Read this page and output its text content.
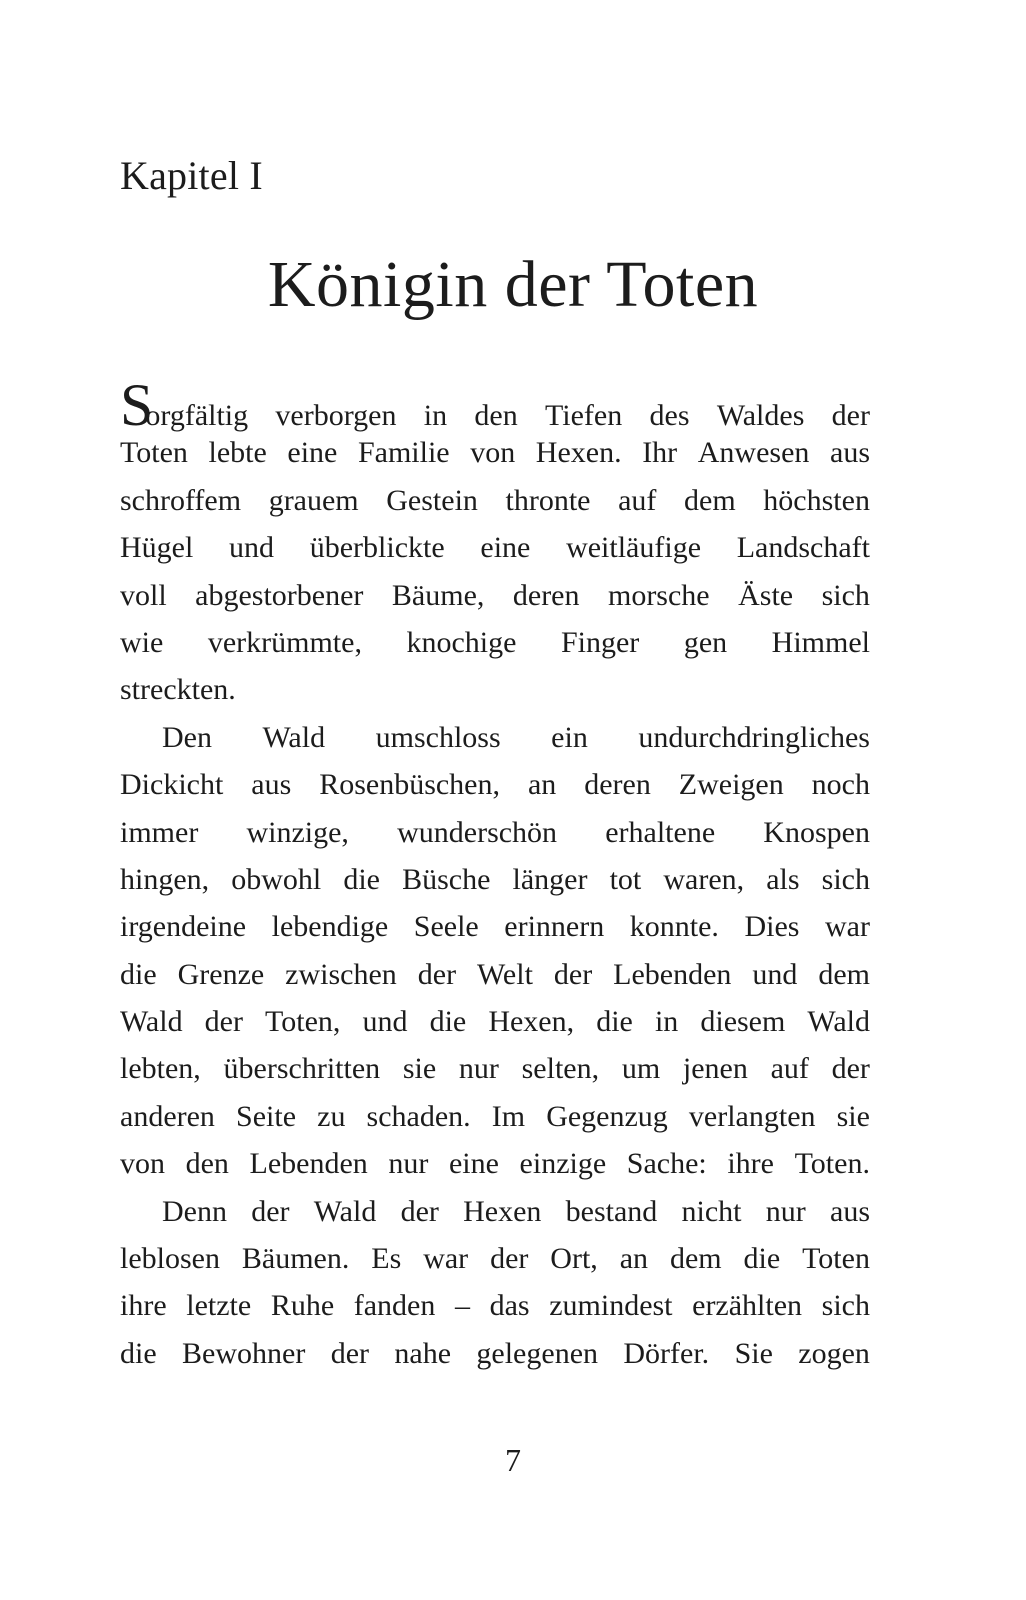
Kapitel I
Königin der Toten
S
orgfältig verborgen in den Tiefen des Waldes der
Toten lebte eine Familie von Hexen. Ihr Anwesen aus
schroffem grauem Gestein thronte auf dem höchsten
Hügel und überblickte eine weitläufige Landschaft
voll abgestorbener Bäume, deren morsche Äste sich
wie verkrümmte, knochige Finger gen Himmel
streckten.
Den Wald umschloss ein undurchdringliches
Dickicht aus Rosenbüschen, an deren Zweigen noch
immer winzige, wunderschön erhaltene Knospen
hingen, obwohl die Büsche länger tot waren, als sich
irgendeine lebendige Seele erinnern konnte. Dies war
die Grenze zwischen der Welt der Lebenden und dem
Wald der Toten, und die Hexen, die in diesem Wald
lebten, überschritten sie nur selten, um jenen auf der
anderen Seite zu schaden. Im Gegenzug verlangten sie
von den Lebenden nur eine einzige Sache: ihre Toten.
Denn der Wald der Hexen bestand nicht nur aus
leblosen Bäumen. Es war der Ort, an dem die Toten
ihre letzte Ruhe fanden – das zumindest erzählten sich
die Bewohner der nahe gelegenen Dörfer. Sie zogen
7
